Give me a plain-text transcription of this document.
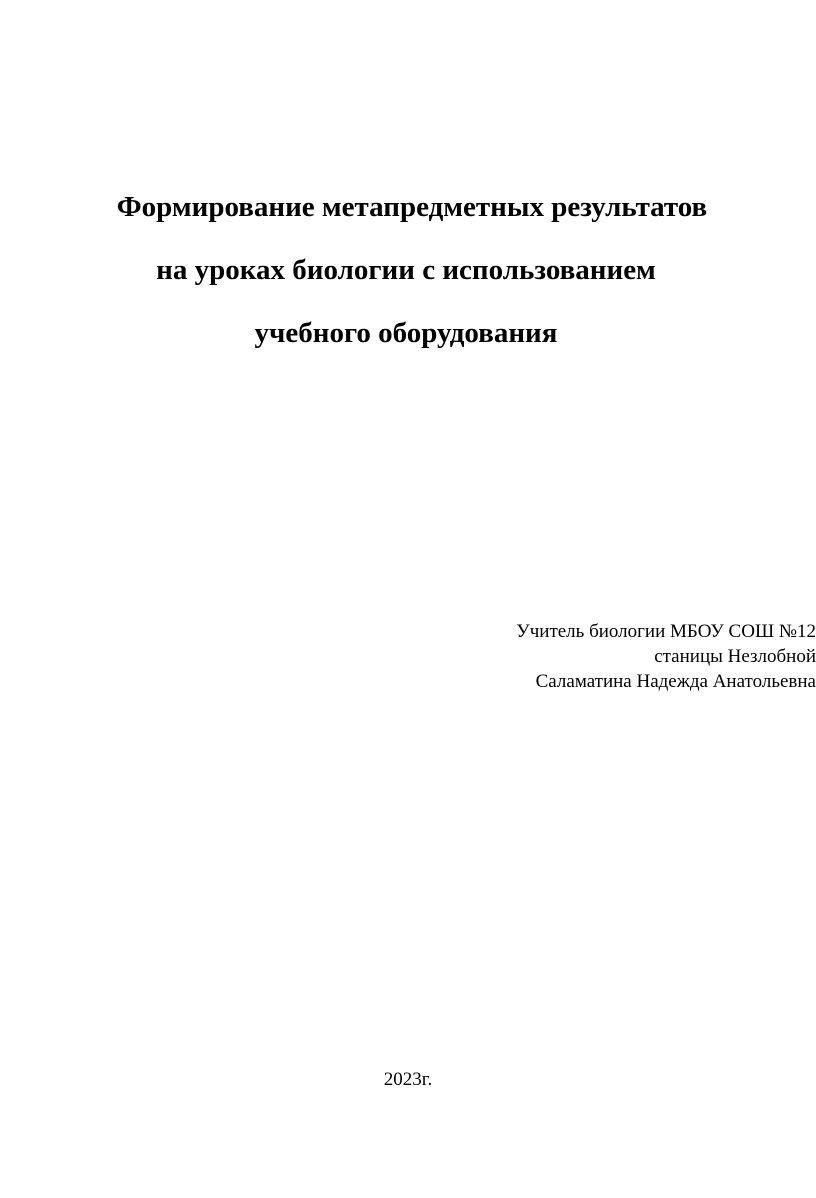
Формирование метапредметных результатов
на уроках биологии с использованием
учебного оборудования
Учитель биологии МБОУ СОШ №12
станицы Незлобной
Саламатина Надежда Анатольевна
2023г.
